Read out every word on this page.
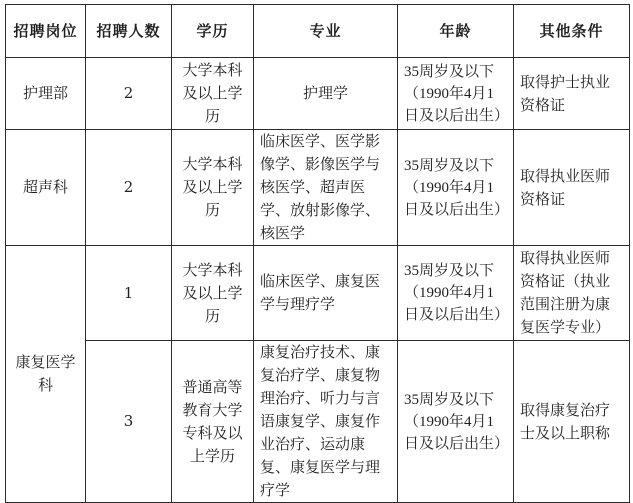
招聘岗位	招聘人数	学历	专业	年龄	其他条件
护理部	2	大学本科及以上学历	护理学	35周岁及以下（1990年4月1日及以后出生）	取得护士执业资格证
超声科	2	大学本科及以上学历	临床医学、医学影像学、影像医学与核医学、超声医学、放射影像学、核医学	35周岁及以下（1990年4月1日及以后出生）	取得执业医师资格证
康复医学科	1	大学本科及以上学历	临床医学、康复医学与理疗学	35周岁及以下（1990年4月1日及以后出生）	取得执业医师资格证（执业范围注册为康复医学专业）
	3	普通高等教育大学专科及以上学历	康复治疗技术、康复治疗学、康复物理治疗、听力与言语康复学、康复作业治疗、运动康复、康复医学与理疗学	35周岁及以下（1990年4月1日及以后出生）	取得康复治疗士及以上职称
